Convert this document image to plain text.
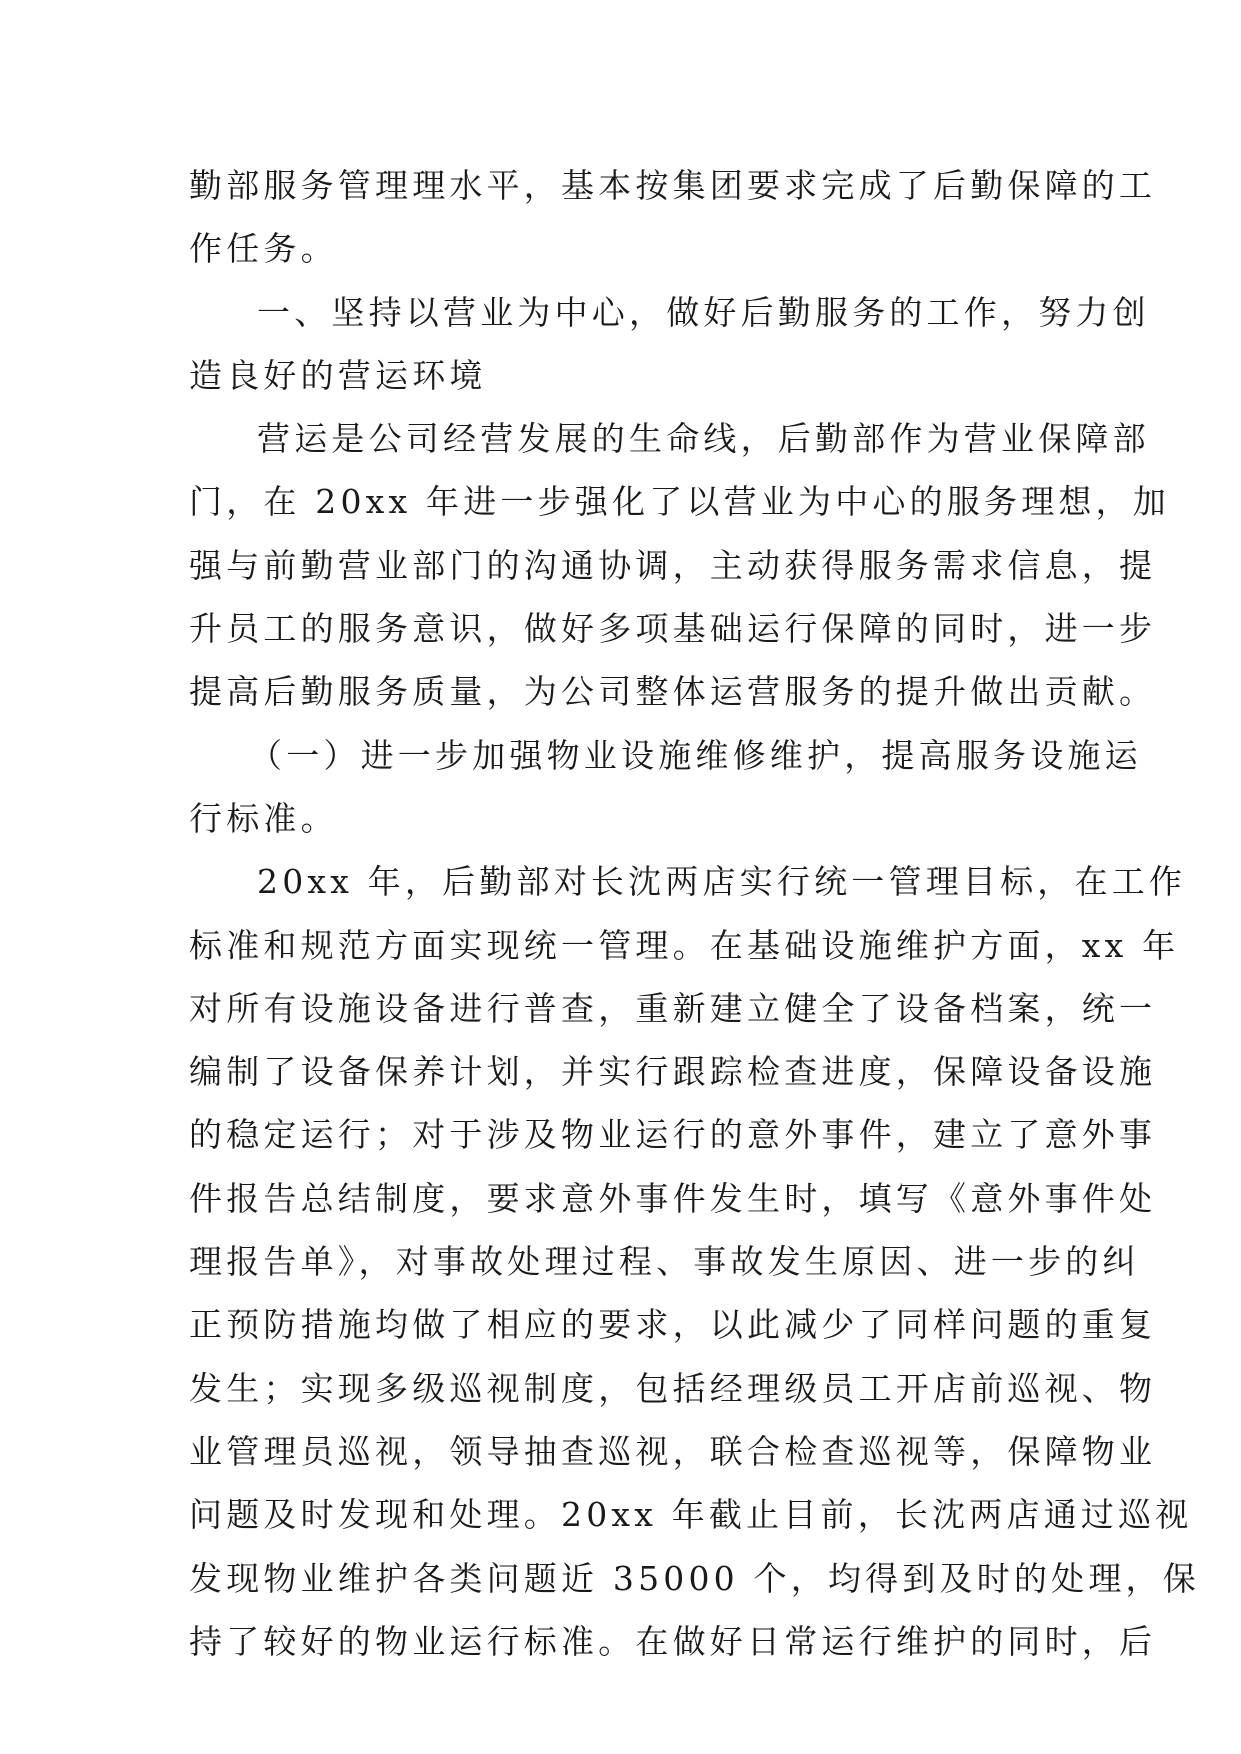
勤部服务管理理水平，基本按集团要求完成了后勤保障的工
作任务。
一、坚持以营业为中心，做好后勤服务的工作，努力创
造良好的营运环境
营运是公司经营发展的生命线，后勤部作为营业保障部
门，在 20xx 年进一步强化了以营业为中心的服务理想，加
强与前勤营业部门的沟通协调，主动获得服务需求信息，提
升员工的服务意识，做好多项基础运行保障的同时，进一步
提高后勤服务质量，为公司整体运营服务的提升做出贡献。
（一）进一步加强物业设施维修维护，提高服务设施运
行标准。
20xx 年，后勤部对长沈两店实行统一管理目标，在工作
标准和规范方面实现统一管理。在基础设施维护方面，xx 年
对所有设施设备进行普查，重新建立健全了设备档案，统一
编制了设备保养计划，并实行跟踪检查进度，保障设备设施
的稳定运行；对于涉及物业运行的意外事件，建立了意外事
件报告总结制度，要求意外事件发生时，填写《意外事件处
理报告单》，对事故处理过程、事故发生原因、进一步的纠
正预防措施均做了相应的要求，以此减少了同样问题的重复
发生；实现多级巡视制度，包括经理级员工开店前巡视、物
业管理员巡视，领导抽查巡视，联合检查巡视等，保障物业
问题及时发现和处理。20xx 年截止目前，长沈两店通过巡视
发现物业维护各类问题近 35000 个，均得到及时的处理，保
持了较好的物业运行标准。在做好日常运行维护的同时，后
